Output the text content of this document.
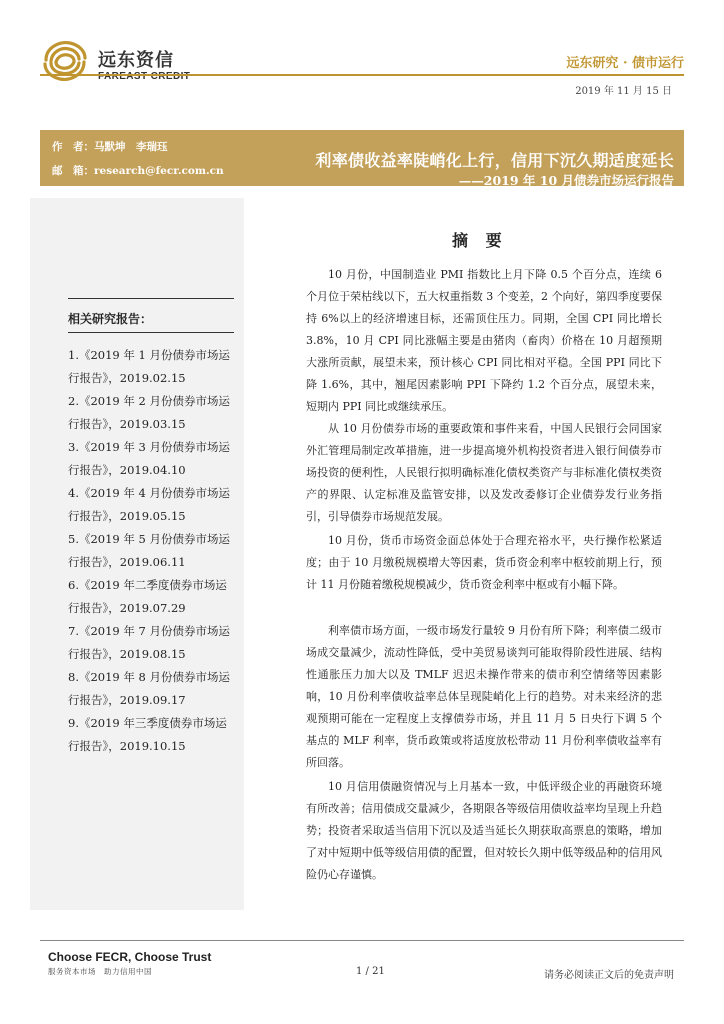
远东资信
FAREAST CREDIT
远东研究 · 债市运行
2019 年 11 月 15 日
作　者：马默坤　李瑞珏
邮　箱：research@fecr.com.cn
利率债收益率陡峭化上行，信用下沉久期适度延长
——2019 年 10 月债券市场运行报告
相关研究报告：
1.《2019 年 1 月份债券市场运行报告》，2019.02.15
2.《2019 年 2 月份债券市场运行报告》，2019.03.15
3.《2019 年 3 月份债券市场运行报告》，2019.04.10
4.《2019 年 4 月份债券市场运行报告》，2019.05.15
5.《2019 年 5 月份债券市场运行报告》，2019.06.11
6.《2019 年二季度债券市场运行报告》，2019.07.29
7.《2019 年 7 月份债券市场运行报告》，2019.08.15
8.《2019 年 8 月份债券市场运行报告》，2019.09.17
9.《2019 年三季度债券市场运行报告》，2019.10.15
摘 要

10 月份，中国制造业 PMI 指数比上月下降 0.5 个百分点，连续 6 个月位于荣枯线以下，五大权重指数 3 个变差，2 个向好，第四季度要保持 6%以上的经济增速目标，还需顶住压力。同期，全国 CPI 同比增长 3.8%，10 月 CPI 同比涨幅主要是由猪肉（畜肉）价格在 10 月超预期大涨所贡献，展望未来，预计核心 CPI 同比相对平稳。全国 PPI 同比下降 1.6%，其中，翘尾因素影响 PPI 下降约 1.2 个百分点，展望未来，短期内 PPI 同比或继续承压。

从 10 月份债券市场的重要政策和事件来看，中国人民银行会同国家外汇管理局制定改革措施，进一步提高境外机构投资者进入银行间债券市场投资的便利性，人民银行拟明确标准化债权类资产与非标准化债权类资产的界限、认定标准及监管安排，以及发改委修订企业债券发行业务指引，引导债券市场规范发展。

10 月份，货币市场资金面总体处于合理充裕水平，央行操作松紧适度；由于 10 月缴税规模增大等因素，货币资金利率中枢较前期上行，预计 11 月份随着缴税规模减少，货币资金利率中枢或有小幅下降。

利率债市场方面，一级市场发行量较 9 月份有所下降；利率债二级市场成交量减少，流动性降低，受中美贸易谈判可能取得阶段性进展、结构性通胀压力加大以及 TMLF 迟迟未操作带来的债市利空情绪等因素影响，10 月份利率债收益率总体呈现陡峭化上行的趋势。对未来经济的悲观预期可能在一定程度上支撑债券市场，并且 11 月 5 日央行下调 5 个基点的 MLF 利率，货币政策或将适度放松带动 11 月份利率债收益率有所回落。

10 月信用债融资情况与上月基本一致，中低评级企业的再融资环境有所改善；信用债成交量减少，各期限各等级信用债收益率均呈现上升趋势；投资者采取适当信用下沉以及适当延长久期获取高票息的策略，增加了对中短期中低等级信用债的配置，但对较长久期中低等级品种的信用风险仍心存谨慎。

Choose FECR, Choose Trust
服务资本市场　助力信用中国	1 / 21	请务必阅读正文后的免责声明
